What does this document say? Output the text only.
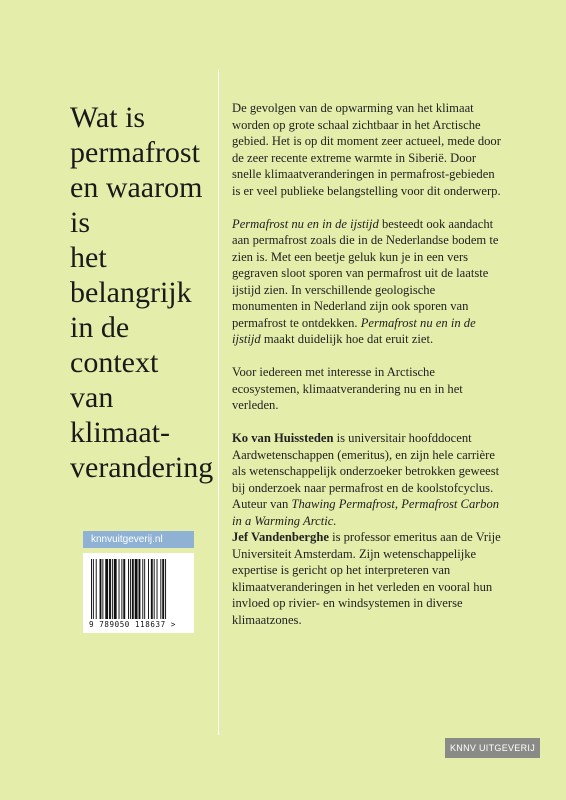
Wat is
permafrost
en waarom is
het belangrijk
in de context
van klimaat-
verandering

De gevolgen van de opwarming van het klimaat worden op grote schaal zichtbaar in het Arctische gebied. Het is op dit moment zeer actueel, mede door de zeer recente extreme warmte in Siberië. Door snelle klimaatveranderingen in permafrost-gebieden is er veel publieke belangstelling voor dit onderwerp.

Permafrost nu en in de ijstijd besteedt ook aandacht aan permafrost zoals die in de Nederlandse bodem te zien is. Met een beetje geluk kun je in een vers gegraven sloot sporen van permafrost uit de laatste ijstijd zien. In verschillende geologische monumenten in Nederland zijn ook sporen van permafrost te ontdekken. Permafrost nu en in de ijstijd maakt duidelijk hoe dat eruit ziet.

Voor iedereen met interesse in Arctische ecosystemen, klimaatverandering nu en in het verleden.

Ko van Huissteden is universitair hoofddocent Aardwetenschappen (emeritus), en zijn hele carrière als wetenschappelijk onderzoeker betrokken geweest bij onderzoek naar permafrost en de koolstofcyclus. Auteur van Thawing Permafrost, Permafrost Carbon in a Warming Arctic.
Jef Vandenberghe is professor emeritus aan de Vrije Universiteit Amsterdam. Zijn wetenschappelijke expertise is gericht op het interpreteren van klimaatveranderingen in het verleden en vooral hun invloed op rivier- en windsystemen in diverse klimaatzones.

knnvuitgeverij.nl
9 789050 118637 >
KNNV UITGEVERIJ
